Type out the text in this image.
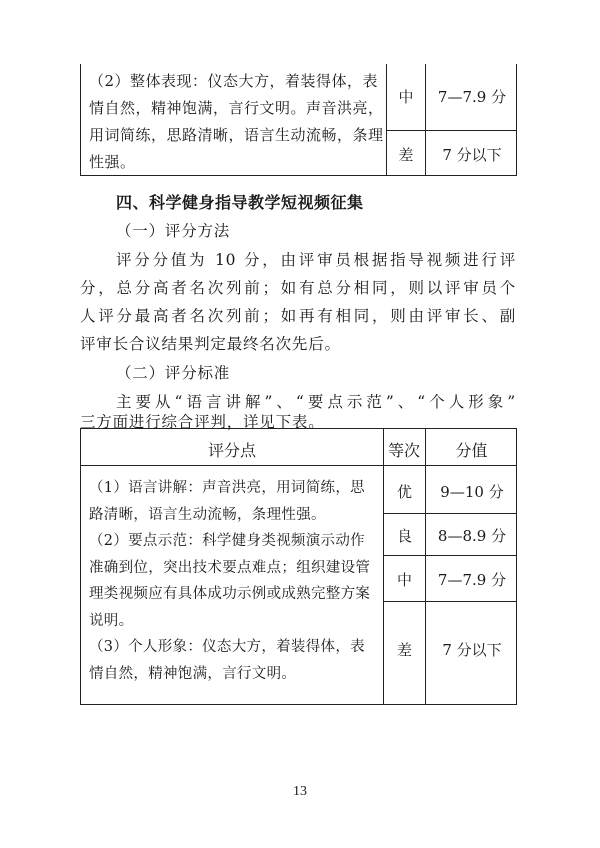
（2）整体表现：仪态大方，着装得体，表情自然，精神饱满，言行文明。声音洪亮，用词简练，思路清晰，语言生动流畅，条理性强。
中	7—7.9 分
差	7 分以下
四、科学健身指导教学短视频征集
（一）评分方法
评分分值为 10 分，由评审员根据指导视频进行评
分，总分高者名次列前；如有总分相同，则以评审员个
人评分最高者名次列前；如再有相同，则由评审长、副
评审长合议结果判定最终名次先后。
（二）评分标准
主要从“语言讲解”、“要点示范”、“个人形象”
三方面进行综合评判，详见下表。
评分点	等次	分值

（1）语言讲解：声音洪亮，用词简练，思路清晰，语言生动流畅，条理性强。

（2）要点示范：科学健身类视频演示动作准确到位，突出技术要点难点；组织建设管理类视频应有具体成功示例或成熟完整方案说明。

（3）个人形象：仪态大方，着装得体，表情自然，精神饱满，言行文明。

优	9—10 分
良	8—8.9 分
中	7—7.9 分
差	7 分以下
13
